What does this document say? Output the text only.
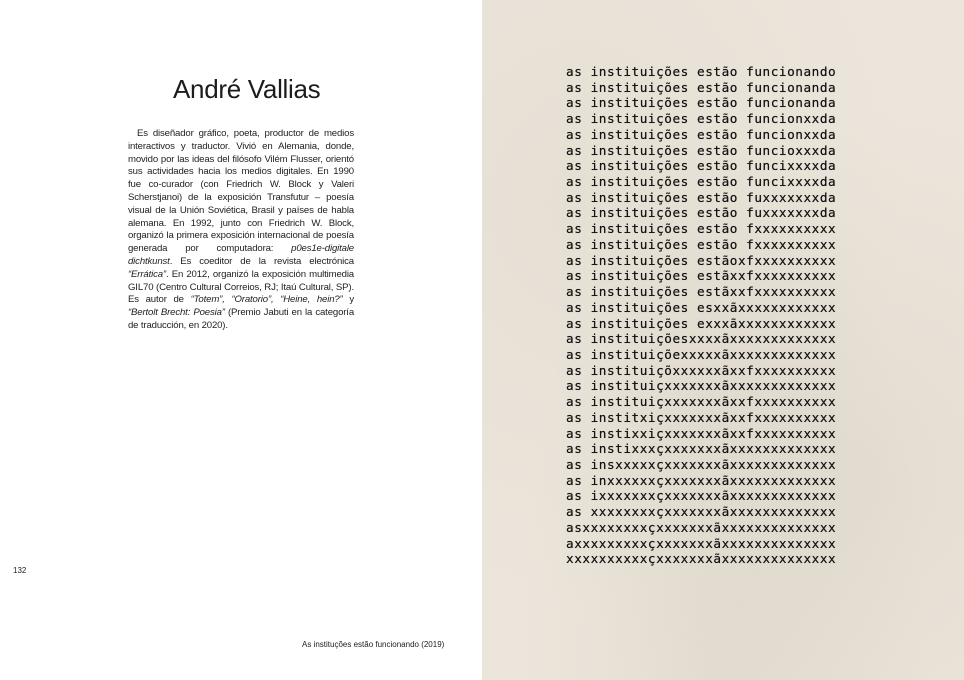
André Vallias

Es diseñador gráfico, poeta, productor de medios interactivos y traductor. Vivió en Alemania, donde, movido por las ideas del filósofo Vilém Flusser, orientó sus actividades hacia los medios digitales. En 1990 fue co-curador (con Friedrich W. Block y Valeri Scherstjanoi) de la exposición Transfutur – poesía visual de la Unión Soviética, Brasil y países de habla alemana. En 1992, junto con Friedrich W. Block, organizó la primera exposición internacional de poesía generada por computadora: p0es1e-digitale dichtkunst. Es coeditor de la revista electrónica “Errática”. En 2012, organizó la exposición multimedia GIL70 (Centro Cultural Correios, RJ; Itaú Cultural, SP). Es autor de “Totem”, “Oratorio”, “Heine, hein?” y “Bertolt Brecht: Poesia” (Premio Jabuti en la categoría de traducción, en 2020).

132
As instituções estão funcionando (2019)
as instituições estão funcionando
as instituições estão funcionanda
as instituições estão funcionanda
as instituições estão funcionxxda
as instituições estão funcionxxda
as instituições estão funcioxxxda
as instituições estão funcixxxxda
as instituições estão funcixxxxda
as instituições estão fuxxxxxxxda
as instituições estão fuxxxxxxxda
as instituições estão fxxxxxxxxxx
as instituições estão fxxxxxxxxxx
as instituições estãoxfxxxxxxxxxx
as instituições estãxxfxxxxxxxxxx
as instituições estãxxfxxxxxxxxxx
as instituições esxxãxxxxxxxxxxxx
as instituições exxxãxxxxxxxxxxxx
as instituiçõesxxxxãxxxxxxxxxxxxx
as instituiçõexxxxxãxxxxxxxxxxxxx
as instituiçõxxxxxxãxxfxxxxxxxxxx
as instituiçxxxxxxxãxxxxxxxxxxxxx
as instituiçxxxxxxxãxxfxxxxxxxxxx
as institxiçxxxxxxxãxxfxxxxxxxxxx
as instixxiçxxxxxxxãxxfxxxxxxxxxx
as instixxxçxxxxxxxãxxxxxxxxxxxxx
as insxxxxxçxxxxxxxãxxxxxxxxxxxxx
as inxxxxxxçxxxxxxxãxxxxxxxxxxxxx
as ixxxxxxxçxxxxxxxãxxxxxxxxxxxxx
as xxxxxxxxçxxxxxxxãxxxxxxxxxxxxx
asxxxxxxxxçxxxxxxxãxxxxxxxxxxxxxx
axxxxxxxxxçxxxxxxxãxxxxxxxxxxxxxx
xxxxxxxxxxçxxxxxxxãxxxxxxxxxxxxxx
